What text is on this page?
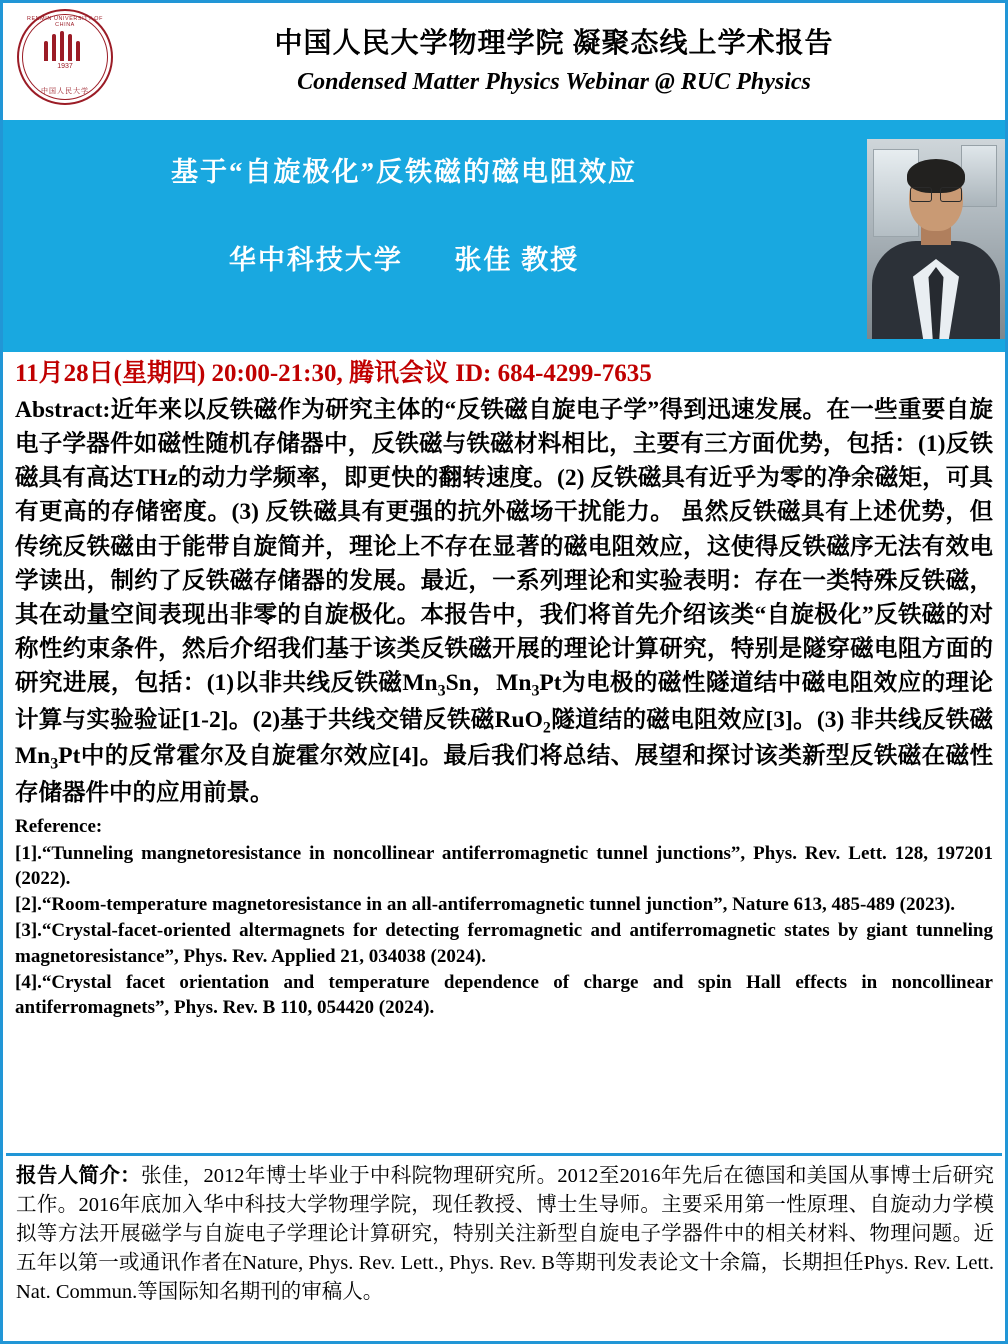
RENMIN UNIVERSITY OF CHINA
1937
中国人民大学
中国人民大学物理学院 凝聚态线上学术报告
Condensed Matter Physics Webinar @ RUC Physics
基于“自旋极化”反铁磁的磁电阻效应
华中科技大学 张佳 教授
11月28日(星期四) 20:00-21:30, 腾讯会议 ID: 684-4299-7635
Abstract:近年来以反铁磁作为研究主体的“反铁磁自旋电子学”得到迅速发展。在一些重要自旋电子学器件如磁性随机存储器中，反铁磁与铁磁材料相比，主要有三方面优势，包括：(1)反铁磁具有高达THz的动力学频率，即更快的翻转速度。(2) 反铁磁具有近乎为零的净余磁矩，可具有更高的存储密度。(3) 反铁磁具有更强的抗外磁场干扰能力。 虽然反铁磁具有上述优势，但传统反铁磁由于能带自旋简并，理论上不存在显著的磁电阻效应，这使得反铁磁序无法有效电学读出，制约了反铁磁存储器的发展。最近，一系列理论和实验表明：存在一类特殊反铁磁，其在动量空间表现出非零的自旋极化。本报告中，我们将首先介绍该类“自旋极化”反铁磁的对称性约束条件，然后介绍我们基于该类反铁磁开展的理论计算研究，特别是隧穿磁电阻方面的研究进展，包括：(1)以非共线反铁磁$Mn_3Sn$，$Mn_3Pt$为电极的磁性隧道结中磁电阻效应的理论计算与实验验证[1-2]。(2)基于共线交错反铁磁RuO$_2$隧道结的磁电阻效应[3]。(3) 非共线反铁磁$Mn_3Pt$中的反常霍尔及自旋霍尔效应[4]。最后我们将总结、展望和探讨该类新型反铁磁在磁性存储器件中的应用前景。
Reference:
[1].“Tunneling mangnetoresistance in noncollinear antiferromagnetic tunnel junctions”, Phys. Rev. Lett. 128, 197201 (2022).
[2].“Room-temperature magnetoresistance in an all-antiferromagnetic tunnel junction”, Nature 613, 485-489 (2023).
[3].“Crystal-facet-oriented altermagnets for detecting ferromagnetic and antiferromagnetic states by giant tunneling magnetoresistance”, Phys. Rev. Applied 21, 034038 (2024).
[4].“Crystal facet orientation and temperature dependence of charge and spin Hall effects in noncollinear antiferromagnets”, Phys. Rev. B 110, 054420 (2024).
报告人简介：张佳，2012年博士毕业于中科院物理研究所。2012至2016年先后在德国和美国从事博士后研究工作。2016年底加入华中科技大学物理学院，现任教授、博士生导师。主要采用第一性原理、自旋动力学模拟等方法开展磁学与自旋电子学理论计算研究，特别关注新型自旋电子学器件中的相关材料、物理问题。近五年以第一或通讯作者在Nature, Phys. Rev. Lett., Phys. Rev. B等期刊发表论文十余篇，长期担任Phys. Rev. Lett. Nat. Commun.等国际知名期刊的审稿人。
